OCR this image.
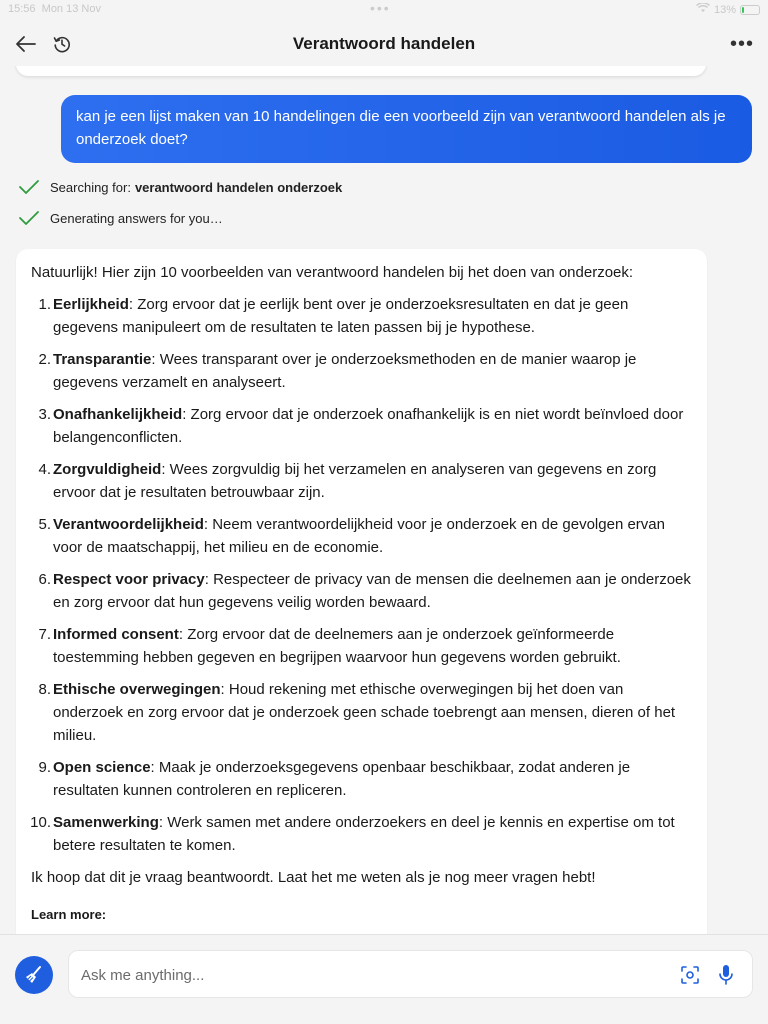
15:56 Mon 13 Nov	•••	13%
Verantwoord handelen	•••
kan je een lijst maken van 10 handelingen die een voorbeeld zijn van verantwoord handelen als je onderzoek doet?
Searching for: verantwoord handelen onderzoek
Generating answers for you…
Natuurlijk! Hier zijn 10 voorbeelden van verantwoord handelen bij het doen van onderzoek:
1. Eerlijkheid: Zorg ervoor dat je eerlijk bent over je onderzoeksresultaten en dat je geen gegevens manipuleert om de resultaten te laten passen bij je hypothese.
2. Transparantie: Wees transparant over je onderzoeksmethoden en de manier waarop je gegevens verzamelt en analyseert.
3. Onafhankelijkheid: Zorg ervoor dat je onderzoek onafhankelijk is en niet wordt beïnvloed door belangenconflicten.
4. Zorgvuldigheid: Wees zorgvuldig bij het verzamelen en analyseren van gegevens en zorg ervoor dat je resultaten betrouwbaar zijn.
5. Verantwoordelijkheid: Neem verantwoordelijkheid voor je onderzoek en de gevolgen ervan voor de maatschappij, het milieu en de economie.
6. Respect voor privacy: Respecteer de privacy van de mensen die deelnemen aan je onderzoek en zorg ervoor dat hun gegevens veilig worden bewaard.
7. Informed consent: Zorg ervoor dat de deelnemers aan je onderzoek geïnformeerde toestemming hebben gegeven en begrijpen waarvoor hun gegevens worden gebruikt.
8. Ethische overwegingen: Houd rekening met ethische overwegingen bij het doen van onderzoek en zorg ervoor dat je onderzoek geen schade toebrengt aan mensen, dieren of het milieu.
9. Open science: Maak je onderzoeksgegevens openbaar beschikbaar, zodat anderen je resultaten kunnen controleren en repliceren.
10. Samenwerking: Werk samen met andere onderzoekers en deel je kennis en expertise om tot betere resultaten te komen.
Ik hoop dat dit je vraag beantwoordt. Laat het me weten als je nog meer vragen hebt!
Learn more:
Ask me anything...
